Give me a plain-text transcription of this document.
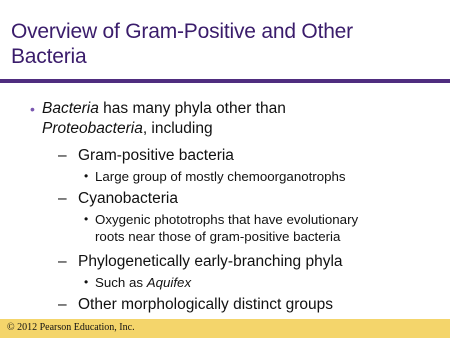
Overview of Gram-Positive and Other Bacteria
• Bacteria has many phyla other than
Proteobacteria, including
– Gram-positive bacteria
• Large group of mostly chemoorganotrophs
– Cyanobacteria
• Oxygenic phototrophs that have evolutionary
roots near those of gram-positive bacteria
– Phylogenetically early-branching phyla
• Such as Aquifex
– Other morphologically distinct groups
© 2012 Pearson Education, Inc.
